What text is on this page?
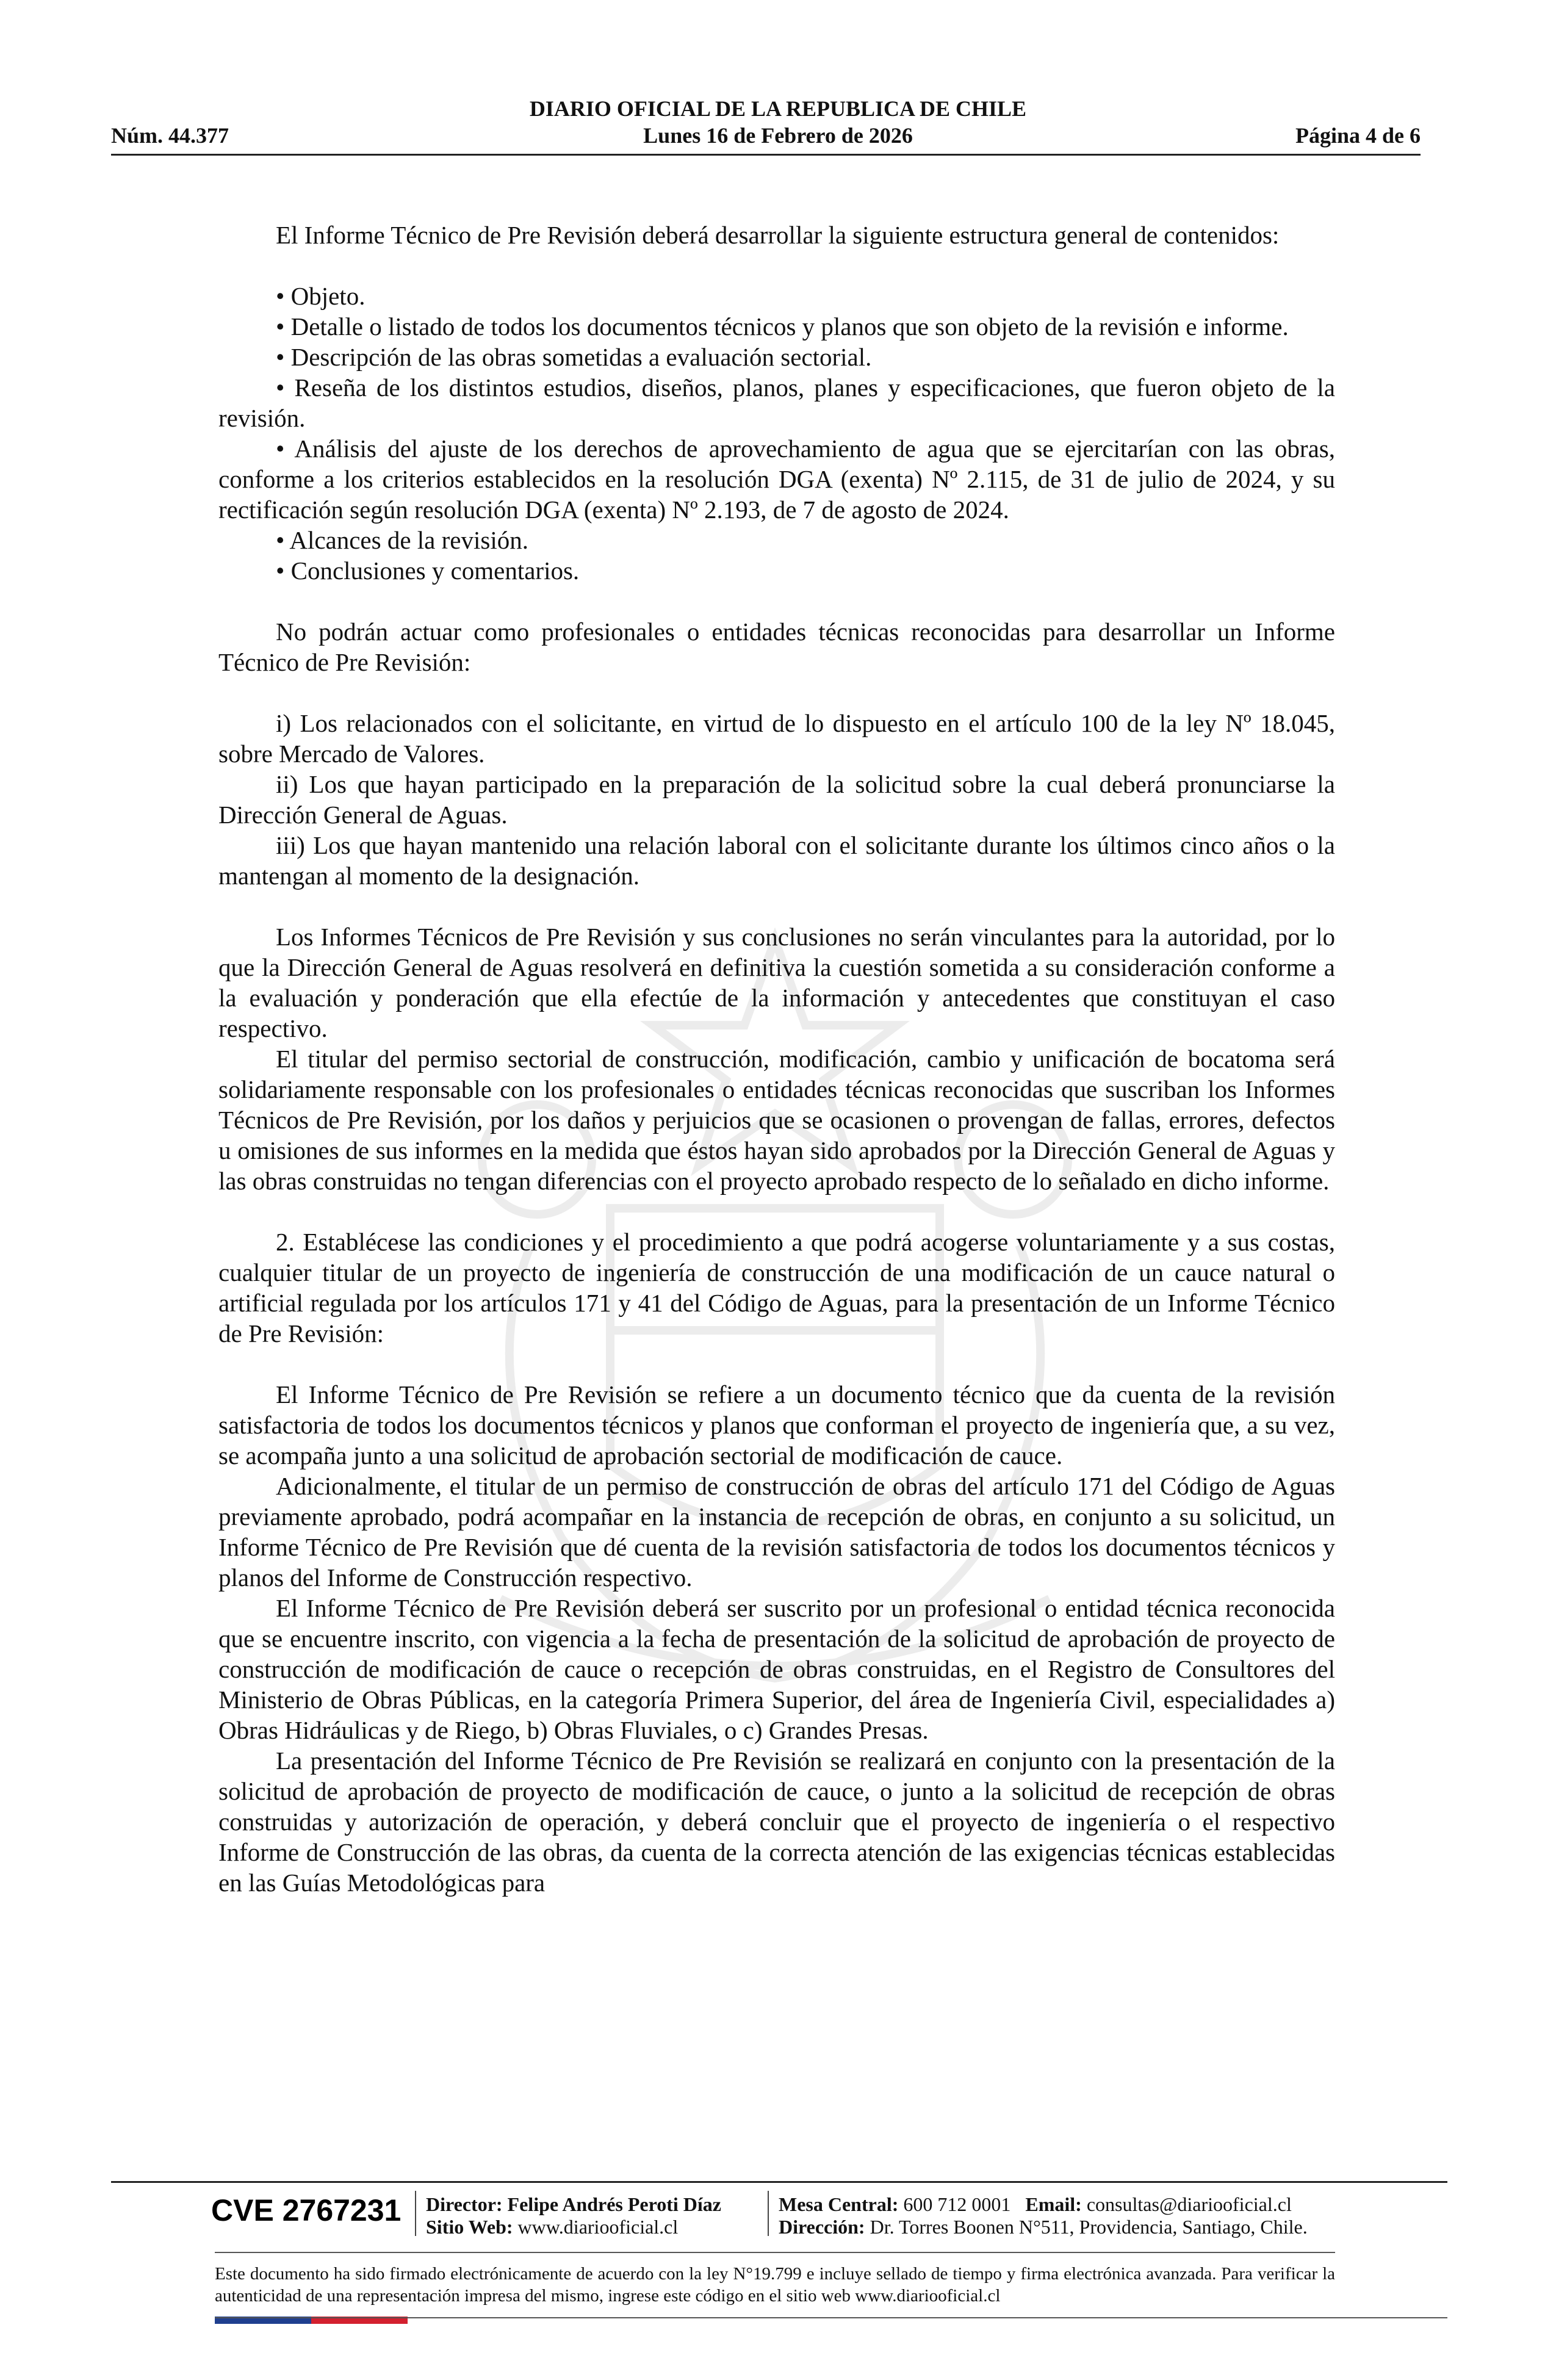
DIARIO OFICIAL DE LA REPUBLICA DE CHILE
Núm. 44.377	Lunes 16 de Febrero de 2026	Página 4 de 6

El Informe Técnico de Pre Revisión deberá desarrollar la siguiente estructura general de contenidos:

• Objeto.

• Detalle o listado de todos los documentos técnicos y planos que son objeto de la revisión e informe.

• Descripción de las obras sometidas a evaluación sectorial.

• Reseña de los distintos estudios, diseños, planos, planes y especificaciones, que fueron objeto de la revisión.

• Análisis del ajuste de los derechos de aprovechamiento de agua que se ejercitarían con las obras, conforme a los criterios establecidos en la resolución DGA (exenta) Nº 2.115, de 31 de julio de 2024, y su rectificación según resolución DGA (exenta) Nº 2.193, de 7 de agosto de 2024.

• Alcances de la revisión.

• Conclusiones y comentarios.

No podrán actuar como profesionales o entidades técnicas reconocidas para desarrollar un Informe Técnico de Pre Revisión:

i) Los relacionados con el solicitante, en virtud de lo dispuesto en el artículo 100 de la ley Nº 18.045, sobre Mercado de Valores.

ii) Los que hayan participado en la preparación de la solicitud sobre la cual deberá pronunciarse la Dirección General de Aguas.

iii) Los que hayan mantenido una relación laboral con el solicitante durante los últimos cinco años o la mantengan al momento de la designación.

Los Informes Técnicos de Pre Revisión y sus conclusiones no serán vinculantes para la autoridad, por lo que la Dirección General de Aguas resolverá en definitiva la cuestión sometida a su consideración conforme a la evaluación y ponderación que ella efectúe de la información y antecedentes que constituyan el caso respectivo.

El titular del permiso sectorial de construcción, modificación, cambio y unificación de bocatoma será solidariamente responsable con los profesionales o entidades técnicas reconocidas que suscriban los Informes Técnicos de Pre Revisión, por los daños y perjuicios que se ocasionen o provengan de fallas, errores, defectos u omisiones de sus informes en la medida que éstos hayan sido aprobados por la Dirección General de Aguas y las obras construidas no tengan diferencias con el proyecto aprobado respecto de lo señalado en dicho informe.

2. Establécese las condiciones y el procedimiento a que podrá acogerse voluntariamente y a sus costas, cualquier titular de un proyecto de ingeniería de construcción de una modificación de un cauce natural o artificial regulada por los artículos 171 y 41 del Código de Aguas, para la presentación de un Informe Técnico de Pre Revisión:

El Informe Técnico de Pre Revisión se refiere a un documento técnico que da cuenta de la revisión satisfactoria de todos los documentos técnicos y planos que conforman el proyecto de ingeniería que, a su vez, se acompaña junto a una solicitud de aprobación sectorial de modificación de cauce.

Adicionalmente, el titular de un permiso de construcción de obras del artículo 171 del Código de Aguas previamente aprobado, podrá acompañar en la instancia de recepción de obras, en conjunto a su solicitud, un Informe Técnico de Pre Revisión que dé cuenta de la revisión satisfactoria de todos los documentos técnicos y planos del Informe de Construcción respectivo.

El Informe Técnico de Pre Revisión deberá ser suscrito por un profesional o entidad técnica reconocida que se encuentre inscrito, con vigencia a la fecha de presentación de la solicitud de aprobación de proyecto de construcción de modificación de cauce o recepción de obras construidas, en el Registro de Consultores del Ministerio de Obras Públicas, en la categoría Primera Superior, del área de Ingeniería Civil, especialidades a) Obras Hidráulicas y de Riego, b) Obras Fluviales, o c) Grandes Presas.

La presentación del Informe Técnico de Pre Revisión se realizará en conjunto con la presentación de la solicitud de aprobación de proyecto de modificación de cauce, o junto a la solicitud de recepción de obras construidas y autorización de operación, y deberá concluir que el proyecto de ingeniería o el respectivo Informe de Construcción de las obras, da cuenta de la correcta atención de las exigencias técnicas establecidas en las Guías Metodológicas para

CVE 2767231 Director: Felipe Andrés Peroti Díaz
Sitio Web: www.diariooficial.cl
Mesa Central: 600 712 0001 Email: consultas@diariooficial.cl
Dirección: Dr. Torres Boonen N°511, Providencia, Santiago, Chile.
Este documento ha sido firmado electrónicamente de acuerdo con la ley N°19.799 e incluye sellado de tiempo y firma electrónica avanzada. Para verificar la autenticidad de una representación impresa del mismo, ingrese este código en el sitio web www.diariooficial.cl
